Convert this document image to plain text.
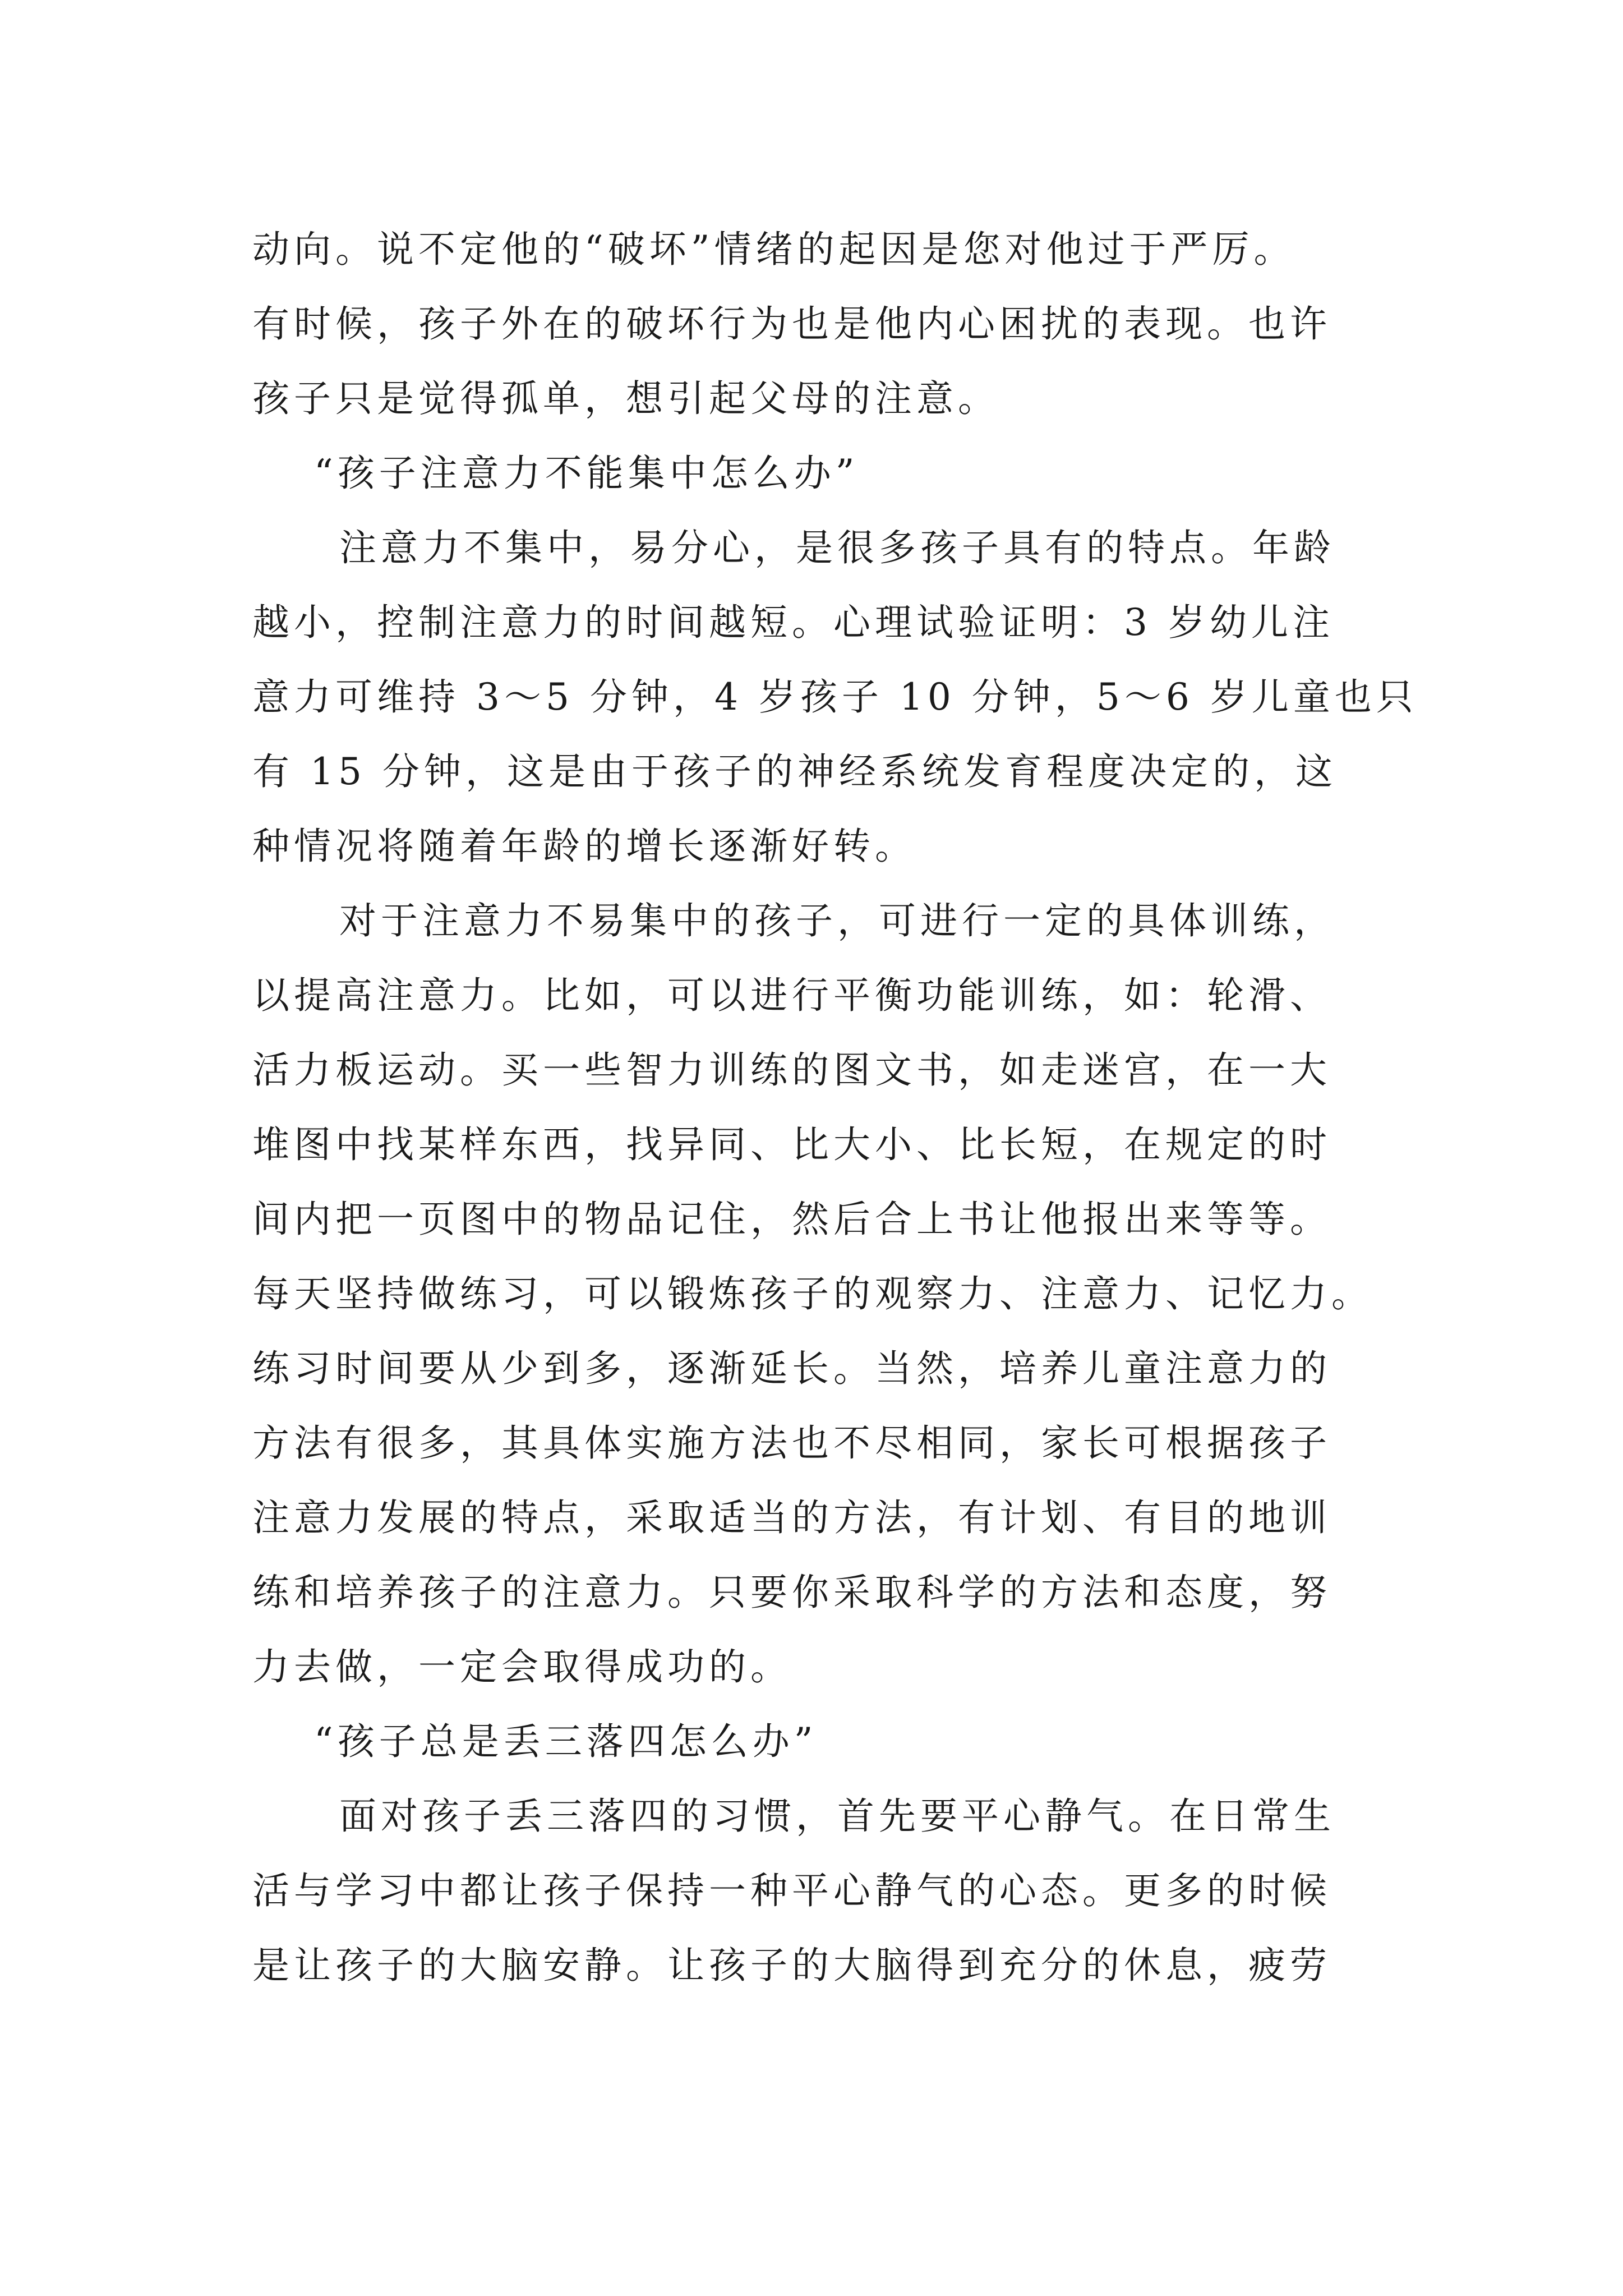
动向。说不定他的“破坏”情绪的起因是您对他过于严厉。
有时候，孩子外在的破坏行为也是他内心困扰的表现。也许
孩子只是觉得孤单，想引起父母的注意。
“孩子注意力不能集中怎么办”
注意力不集中，易分心，是很多孩子具有的特点。年龄
越小，控制注意力的时间越短。心理试验证明：3 岁幼儿注
意力可维持 3～5 分钟，4 岁孩子 10 分钟，5～6 岁儿童也只
有 15 分钟，这是由于孩子的神经系统发育程度决定的，这
种情况将随着年龄的增长逐渐好转。
对于注意力不易集中的孩子，可进行一定的具体训练，
以提高注意力。比如，可以进行平衡功能训练，如：轮滑、
活力板运动。买一些智力训练的图文书，如走迷宫，在一大
堆图中找某样东西，找异同、比大小、比长短，在规定的时
间内把一页图中的物品记住，然后合上书让他报出来等等。
每天坚持做练习，可以锻炼孩子的观察力、注意力、记忆力。
练习时间要从少到多，逐渐延长。当然，培养儿童注意力的
方法有很多，其具体实施方法也不尽相同，家长可根据孩子
注意力发展的特点，采取适当的方法，有计划、有目的地训
练和培养孩子的注意力。只要你采取科学的方法和态度，努
力去做，一定会取得成功的。
“孩子总是丢三落四怎么办”
面对孩子丢三落四的习惯，首先要平心静气。在日常生
活与学习中都让孩子保持一种平心静气的心态。更多的时候
是让孩子的大脑安静。让孩子的大脑得到充分的休息，疲劳
